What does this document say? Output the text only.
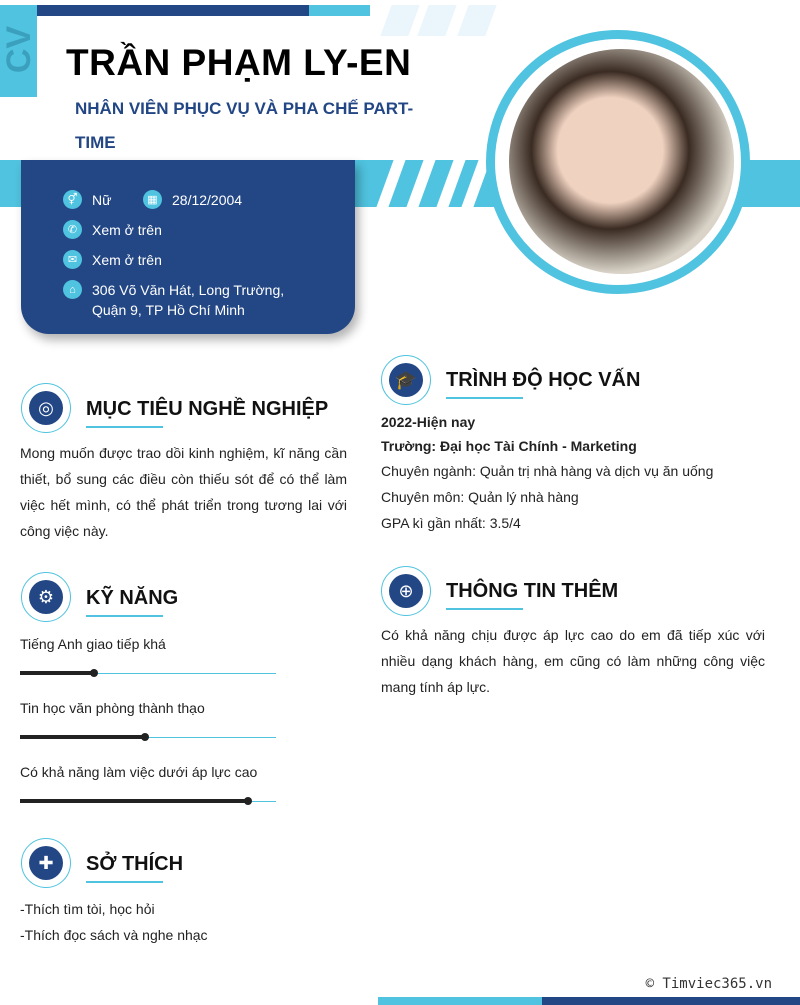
CV TRẦN PHẠM LY-EN
NHÂN VIÊN PHỤC VỤ VÀ PHA CHẾ PART-TIME
⚥	Nữ	▦	28/12/2004
✆	Xem ở trên
✉	Xem ở trên
⌂	306 Võ Văn Hát, Long Trường, Quận 9, TP Hồ Chí Minh
◎	MỤC TIÊU NGHỀ NGHIỆP
Mong muốn được trao dồi kinh nghiệm, kĩ năng cần thiết, bổ sung các điều còn thiếu sót để có thể làm việc hết mình, có thể phát triển trong tương lai với công việc này.
⚙	KỸ NĂNG
Tiếng Anh giao tiếp khá
Tin học văn phòng thành thạo
Có khả năng làm việc dưới áp lực cao
✚	SỞ THÍCH
-Thích tìm tòi, học hỏi
-Thích đọc sách và nghe nhạc
🎓 TRÌNH ĐỘ HỌC VẤN
2022-Hiện nay
Trường: Đại học Tài Chính - Marketing
Chuyên ngành: Quản trị nhà hàng và dịch vụ ăn uống
Chuyên môn: Quản lý nhà hàng
GPA kì gần nhất: 3.5/4
⊕	THÔNG TIN THÊM
Có khả năng chịu được áp lực cao do em đã tiếp xúc với nhiều dạng khách hàng, em cũng có làm những công việc mang tính áp lực.
© Timviec365.vn
